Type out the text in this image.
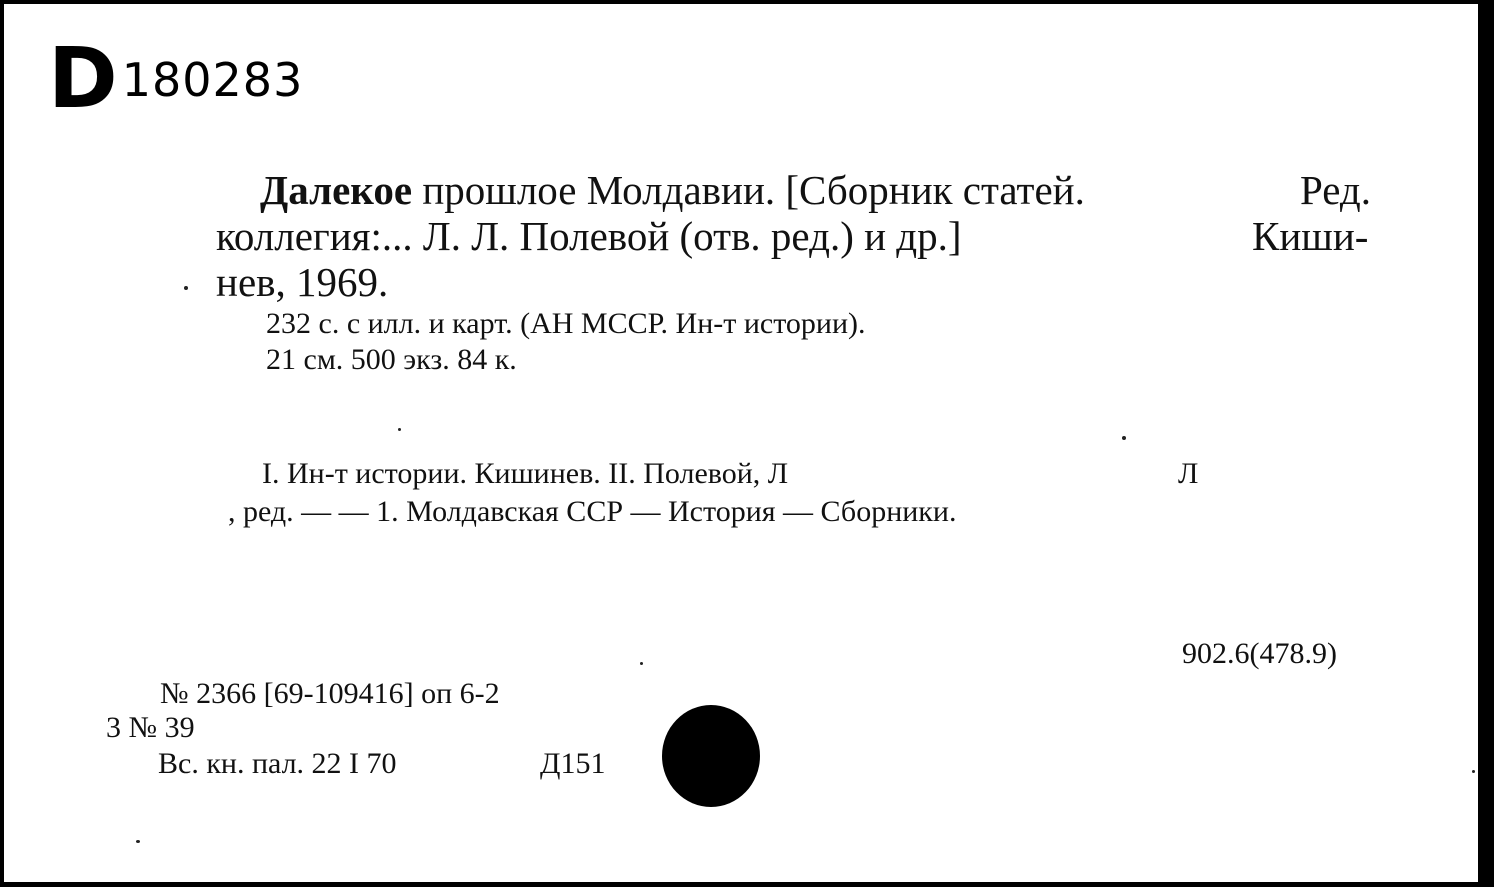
D 180283
Далекое прошлое Молдавии. [Сборник статей.	Ред.
коллегия:... Л. Л. Полевой (отв. ред.) и др.]	Киши-
нев, 1969.
232 с. с илл. и карт. (АН МССР. Ин-т истории).
21 см. 500 экз. 84 к.
I. Ин-т истории. Кишинев. II. Полевой, Л	Л
, ред. — — 1. Молдавская ССР — История — Сборники.
902.6(478.9)
№ 2366 [69-109416] оп 6-2
3 № 39
Вс. кн. пал. 22 I 70	Д151
